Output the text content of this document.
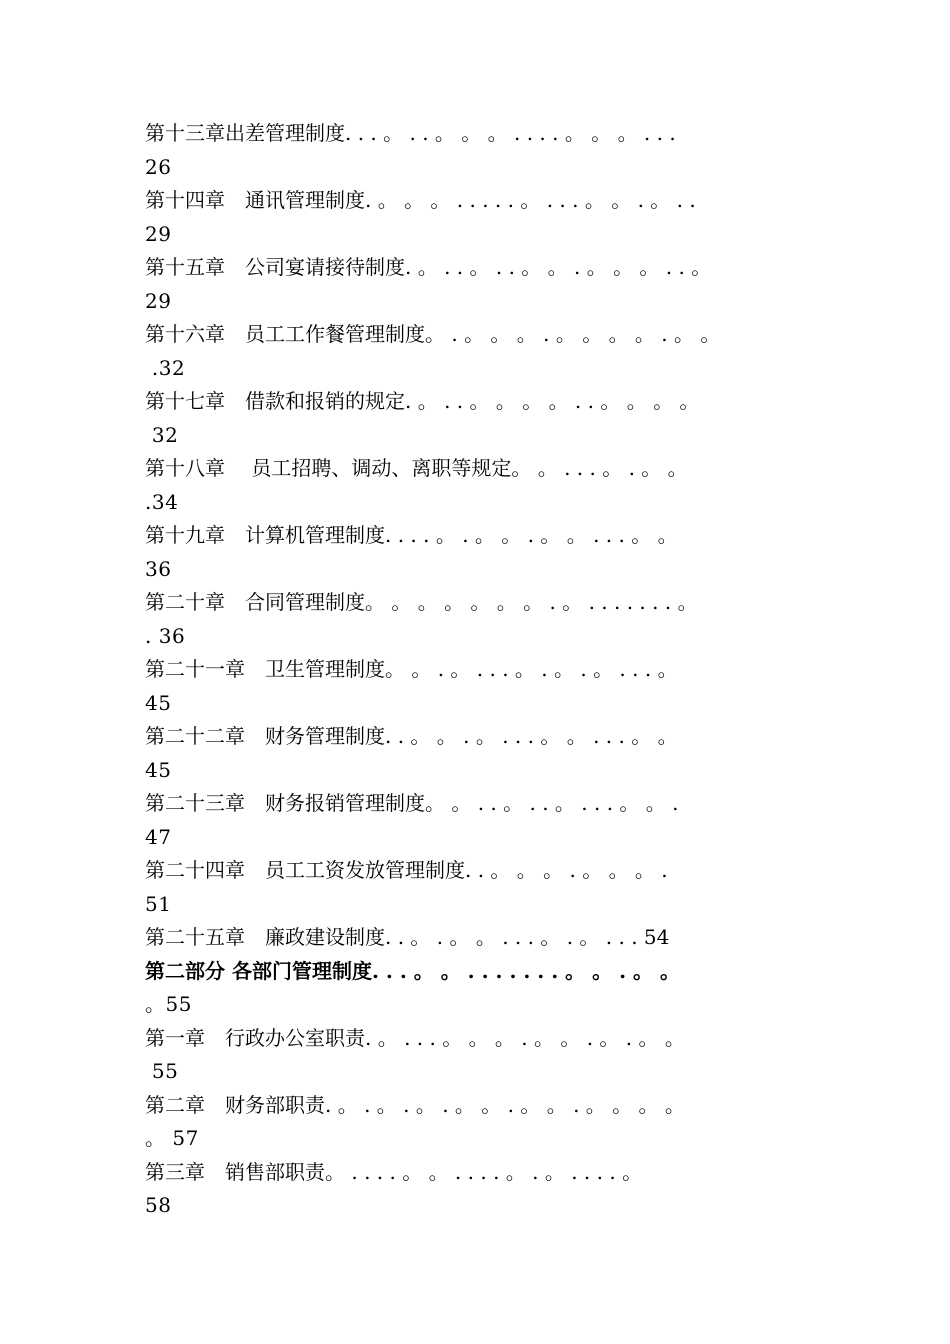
第十三章出差管理制度. . . 。 . . 。 。 。 . . . . 。 。 。 . . .
26
第十四章　通讯管理制度. 。 。 。 . . . . . 。 . . . 。 。 . 。 . .
29
第十五章　公司宴请接待制度. 。 . . 。 . . 。 。 . 。 。 。 . . 。
29
第十六章　员工工作餐管理制度。 . 。 。 。 . 。 。 。 。 . 。 。
.32
第十七章　借款和报销的规定. 。 . . 。 。 。 。 . . 。 。 。 。
32
第十八章　 员工招聘、调动、离职等规定。 。 . . . 。 . 。 。
.34
第十九章　计算机管理制度. . . . 。 . 。 。 . 。 。 . . . 。 。
36
第二十章　合同管理制度。 。 。 。 。 。 。 . 。 . . . . . . . 。
. 36
第二十一章　卫生管理制度。 。 . 。 . . . 。 . 。 . 。 . . . 。
45
第二十二章　财务管理制度. . 。 。 . 。 . . . 。 。 . . . 。 。
45
第二十三章　财务报销管理制度。 。 . . 。 . . 。 . . . 。 。 .
47
第二十四章　员工工资发放管理制度. . 。 。 。 . 。 。 。 .
51
第二十五章　廉政建设制度. . 。 . 。 。 . . . 。 . 。 . . . 54
第二部分 各部门管理制度. . . 。 。 . . . . . . . 。 。 . 。 。
。55
第一章　行政办公室职责. 。 . . . 。 。 。 . 。 。 . 。 . 。 。
55
第二章　财务部职责. 。 . 。 . 。 . 。 。 . 。 。 . 。 。 。 。
。 57
第三章　销售部职责。 . . . . 。 。 . . . . 。 . 。 . . . . 。
58
